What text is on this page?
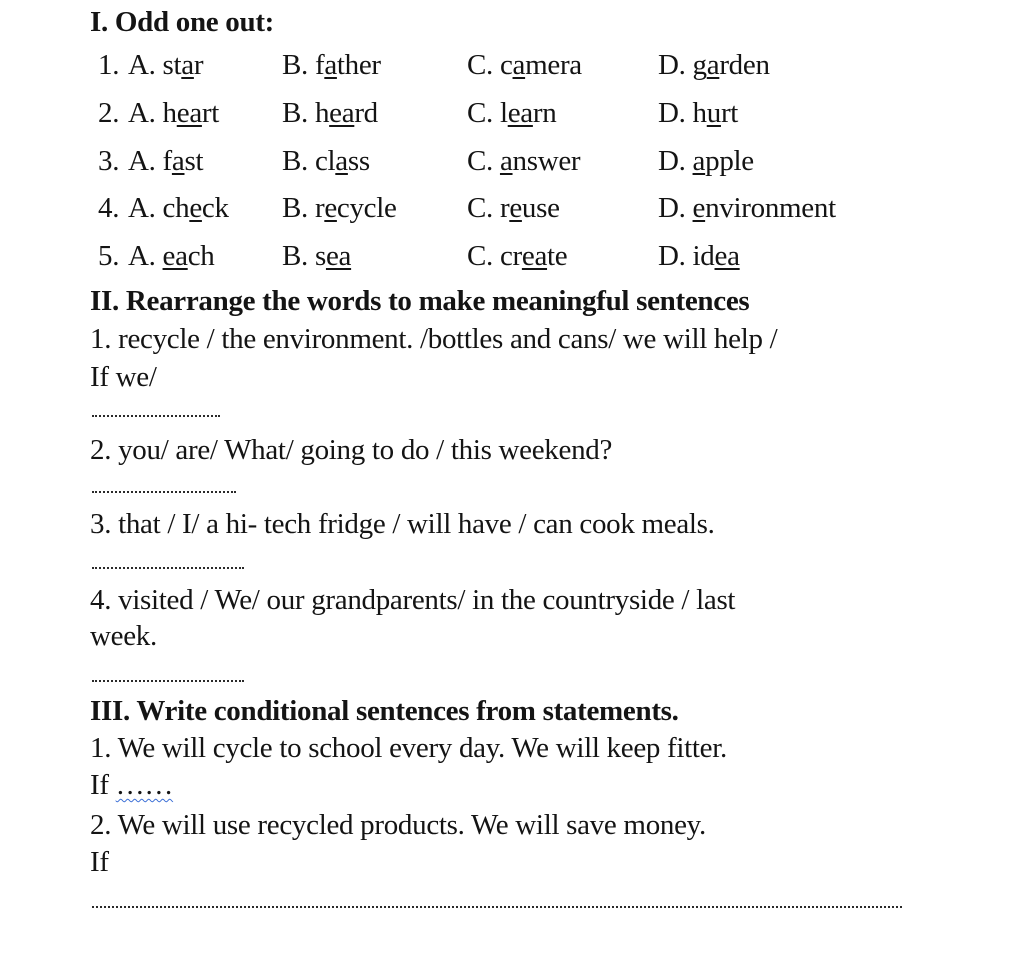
I. Odd one out:
1. A. star	B. father	C. camera	D. garden
2. A. heart B. heard	C. learn	D. hurt
3. A. fast	B. class	C. answer	D. apple
4. A. check B. recycle C. reuse	D. environment
5. A. each B. sea	C. create	D. idea
II. Rearrange the words to make meaningful sentences
1. recycle / the environment. /bottles and cans/ we will help /
If we/
2. you/ are/ What/ going to do / this weekend?
3. that / I/ a hi- tech fridge / will have / can cook meals.
4. visited / We/ our grandparents/ in the countryside / last
week.
III. Write conditional sentences from statements.
1. We will cycle to school every day. We will keep fitter.
If ……
2. We will use recycled products. We will save money.
If
